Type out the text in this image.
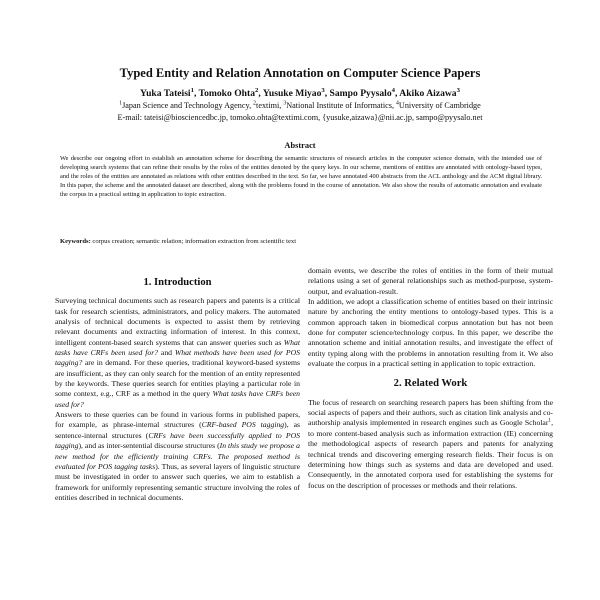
Typed Entity and Relation Annotation on Computer Science Papers

Yuka Tateisi$^1$, Tomoko Ohta$^2$, Yusuke Miyao$^3$, Sampo Pyysalo$^4$, Akiko Aizawa$^3$

$^1$Japan Science and Technology Agency, $^2$textimi, $^3$National Institute of Informatics, $^4$University of Cambridge

E-mail: tateisi@biosciencedbc.jp, tomoko.ohta@textimi.com, {yusuke,aizawa}@nii.ac.jp, sampo@pyysalo.net

Abstract

We describe our ongoing effort to establish an annotation scheme for describing the semantic structures of research articles in the computer science domain, with the intended use of developing search systems that can refine their results by the roles of the entities denoted by the query keys. In our scheme, mentions of entities are annotated with ontology-based types, and the roles of the entities are annotated as relations with other entities described in the text. So far, we have annotated 400 abstracts from the ACL anthology and the ACM digital library. In this paper, the scheme and the annotated dataset are described, along with the problems found in the course of annotation. We also show the results of automatic annotation and evaluate the corpus in a practical setting in application to topic extraction.

Keywords: corpus creation; semantic relation; information extraction from scientific text

1. Introduction

Surveying technical documents such as research papers and patents is a critical task for research scientists, administrators, and policy makers. The automated analysis of technical documents is expected to assist them by retrieving relevant documents and extracting information of interest. In this context, intelligent content-based search systems that can answer queries such as What tasks have CRFs been used for? and What methods have been used for POS tagging? are in demand. For these queries, traditional keyword-based systems are insufficient, as they can only search for the mention of an entity represented by the keywords. These queries search for entities playing a particular role in some context, e.g., CRF as a method in the query What tasks have CRFs been used for?

Answers to these queries can be found in various forms in published papers, for example, as phrase-internal structures (CRF-based POS tagging), as sentence-internal structures (CRFs have been successfully applied to POS tagging), and as inter-sentential discourse structures (In this study we propose a new method for the efficiently training CRFs. The proposed method is evaluated for POS tagging tasks). Thus, as several layers of linguistic structure must be investigated in order to answer such queries, we aim to establish a framework for uniformly representing semantic structure involving the roles of entities described in technical documents.

domain events, we describe the roles of entities in the form of their mutual relations using a set of general relationships such as method-purpose, system-output, and evaluation-result.

In addition, we adopt a classification scheme of entities based on their intrinsic nature by anchoring the entity mentions to ontology-based types. This is a common approach taken in biomedical corpus annotation but has not been done for computer science/technology corpus. In this paper, we describe the annotation scheme and initial annotation results, and investigate the effect of entity typing along with the problems in annotation resulting from it. We also evaluate the corpus in a practical setting in application to topic extraction.

2. Related Work

The focus of research on searching research papers has been shifting from the social aspects of papers and their authors, such as citation link analysis and co-authorship analysis implemented in research engines such as Google Scholar$^1$, to more content-based analysis such as information extraction (IE) concerning the methodological aspects of research papers and patents for analyzing technical trends and discovering emerging research fields. Their focus is on determining how things such as systems and data are developed and used. Consequently, in the annotated corpora used for establishing the systems for focus on the description of processes or methods and their relations.
